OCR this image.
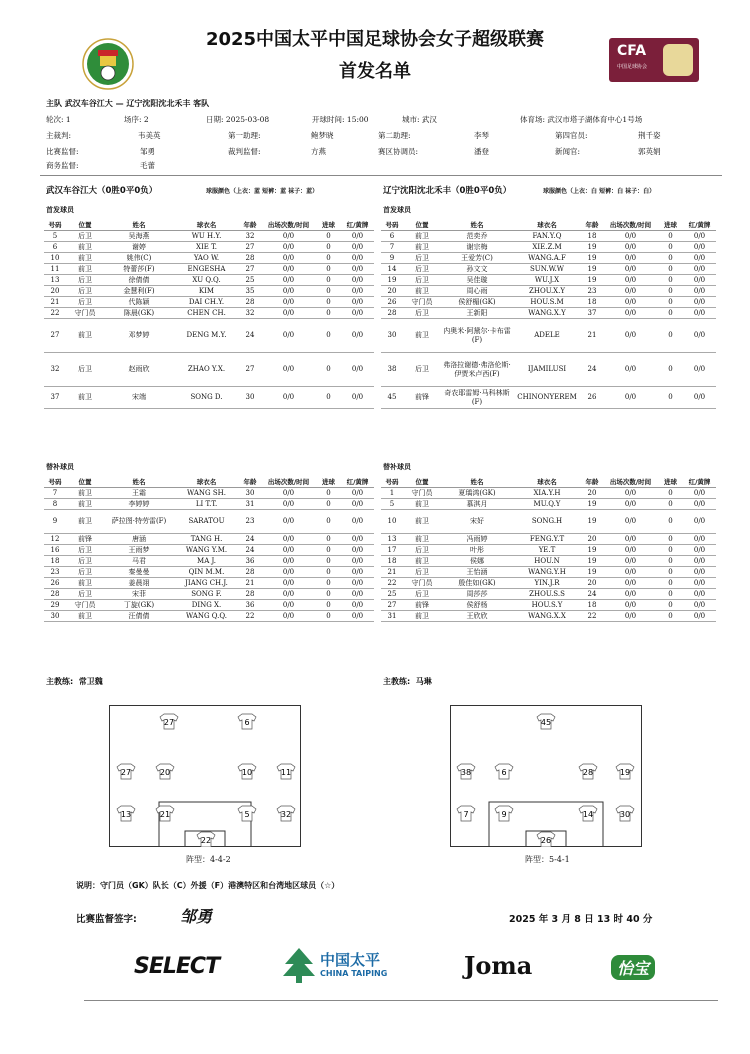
2025中国太平中国足球协会女子超级联赛
首发名单
CFA
中国足球协会
主队 武汉车谷江大 — 辽宁沈阳沈北禾丰 客队
轮次: 1	场序: 2	日期: 2025-03-08	开球时间: 15:00	城市: 武汉	体育场: 武汉市塔子湖体育中心1号场
主裁判:	韦美英	第一助理:	鲍梦晓	第二助理:	李琴	第四官员:	荆千姿
比赛监督:	邹勇	裁判监督:	方燕	赛区协调员:	潘登	新闻官:	郭英娟
商务监督:	毛蕾
武汉车谷江大（0胜0平0负）	球服颜色（上衣：蓝 短裤：蓝 袜子：蓝）	辽宁沈阳沈北禾丰（0胜0平0负）	球服颜色（上衣：白 短裤：白 袜子：白）
首发球员	首发球员
号码	位置	姓名	球衣名	年龄	出场次数/时间	进球	红/黄牌
5	后卫	吴海燕	WU H.Y.	32	0/0	0	0/0
6	前卫	谢婷	XIE T.	27	0/0	0	0/0
10	前卫	姚伟(C)	YAO W.	28	0/0	0	0/0
11	前卫	特蕾莎(F)	ENGESHA	27	0/0	0	0/0
13	后卫	徐倩倩	XU Q.Q.	25	0/0	0	0/0
20	后卫	金慧利(F)	KIM	35	0/0	0	0/0
21	后卫	代陈颖	DAI CH.Y.	28	0/0	0	0/0
22	守门员	陈晨(GK)	CHEN CH.	32	0/0	0	0/0
27	前卫	邓梦婷	DENG M.Y.	24	0/0	0	0/0
32	后卫	赵雨欣	ZHAO Y.X.	27	0/0	0	0/0
37	前卫	宋端	SONG D.	30	0/0	0	0/0
号码	位置	姓名	球衣名	年龄	出场次数/时间	进球	红/黄牌
6	前卫	范奕乔	FAN.Y.Q	18	0/0	0	0/0
7	前卫	谢宗梅	XIE.Z.M	19	0/0	0	0/0
9	后卫	王爱芳(C)	WANG.A.F	19	0/0	0	0/0
14	后卫	孙文文	SUN.W.W	19	0/0	0	0/0
19	后卫	吴佳璇	WU.J.X	19	0/0	0	0/0
20	前卫	周心雨	ZHOU.X.Y	23	0/0	0	0/0
26	守门员	侯舒楣(GK)	HOU.S.M	18	0/0	0	0/0
28	后卫	王新阳	WANG.X.Y	37	0/0	0	0/0
30	前卫	内奥米·阿黛尔·卡布雷(F)	ADELE	21	0/0	0	0/0
38	后卫	弗洛拉谢德·弗洛伦斯·伊贾米卢西(F)	IJAMILUSI	24	0/0	0	0/0
45	前锋	奇农耶雷姆·马科林斯(F)	CHINONYEREM	26	0/0	0	0/0
替补球员	替补球员
号码	位置	姓名	球衣名	年龄	出场次数/时间	进球	红/黄牌
7	前卫	王霜	WANG SH.	30	0/0	0	0/0
8	前卫	李婷婷	LI T.T.	31	0/0	0	0/0
9	前卫	萨拉图·特劳雷(F)	SARATOU	23	0/0	0	0/0
12	前锋	唐涵	TANG H.	24	0/0	0	0/0
16	后卫	王雨梦	WANG Y.M.	24	0/0	0	0/0
18	后卫	马君	MA J.	36	0/0	0	0/0
23	后卫	秦曼曼	QIN M.M.	28	0/0	0	0/0
26	前卫	姜晨翊	JIANG CH.J.	21	0/0	0	0/0
28	后卫	宋菲	SONG F.	28	0/0	0	0/0
29	守门员	丁旋(GK)	DING X.	36	0/0	0	0/0
30	前卫	汪倩倩	WANG Q.Q.	22	0/0	0	0/0
号码	位置	姓名	球衣名	年龄	出场次数/时间	进球	红/黄牌
1	守门员	夏瑀鸿(GK)	XIA.Y.H	20	0/0	0	0/0
5	前卫	慕淇月	MU.Q.Y	19	0/0	0	0/0
10	前卫	宋好	SONG.H	19	0/0	0	0/0
13	前卫	冯雨婷	FENG.Y.T	20	0/0	0	0/0
17	后卫	叶彤	YE.T	19	0/0	0	0/0
18	前卫	侯娜	HOU.N	19	0/0	0	0/0
21	后卫	王怡涵	WANG.Y.H	19	0/0	0	0/0
22	守门员	殷佳如(GK)	YIN.J.R	20	0/0	0	0/0
25	后卫	周莎莎	ZHOU.S.S	24	0/0	0	0/0
27	前锋	侯舒杨	HOU.S.Y	18	0/0	0	0/0
31	前卫	王欣欣	WANG.X.X	22	0/0	0	0/0
主教练: 常卫魏	主教练: 马琳
27	6
27	20	10	11
13	21	5	32
22
阵型：4-4-2
45
38	6	28	19
7	9	14	30
26
阵型：5-4-1
说明：守门员（GK）队长（C）外援（F）港澳特区和台湾地区球员（☆）
比赛监督签字:	邹勇	2025 年 3 月 8 日 13 时 40 分
SELECT	中国太平
CHINA TAIPING	Joma	怡宝
